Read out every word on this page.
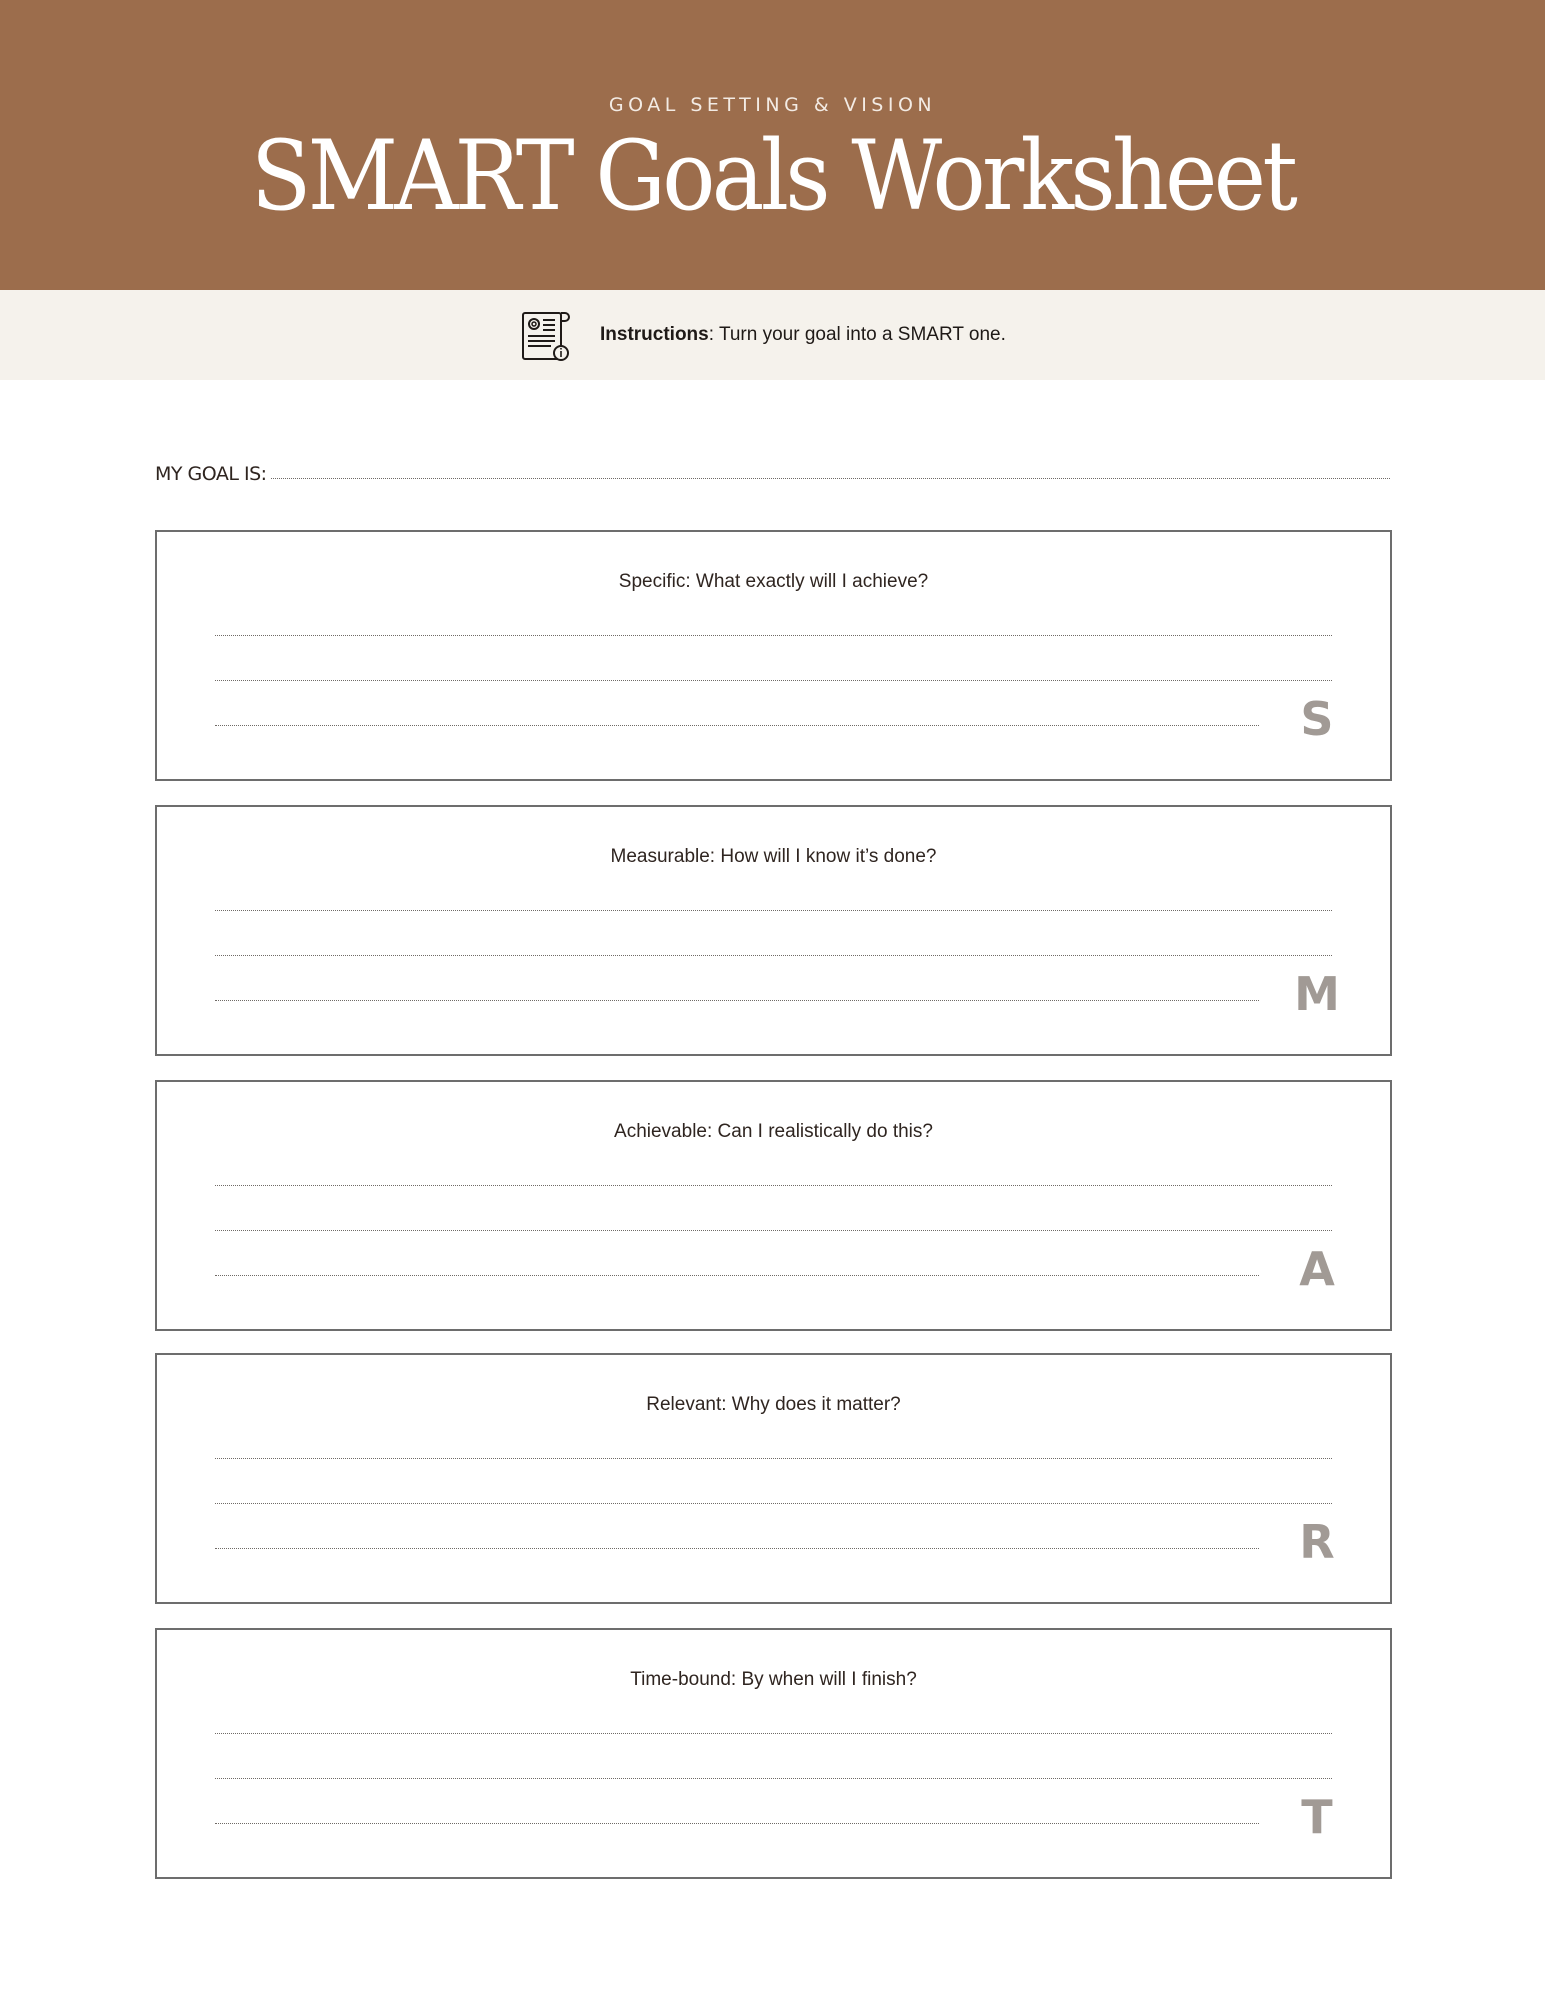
GOAL SETTING & VISION
SMART Goals Worksheet
Instructions: Turn your goal into a SMART one.
MY GOAL IS:
Specific: What exactly will I achieve?
S
Measurable: How will I know it’s done?
M
Achievable: Can I realistically do this?
A
Relevant: Why does it matter?
R
Time-bound: By when will I finish?
T
